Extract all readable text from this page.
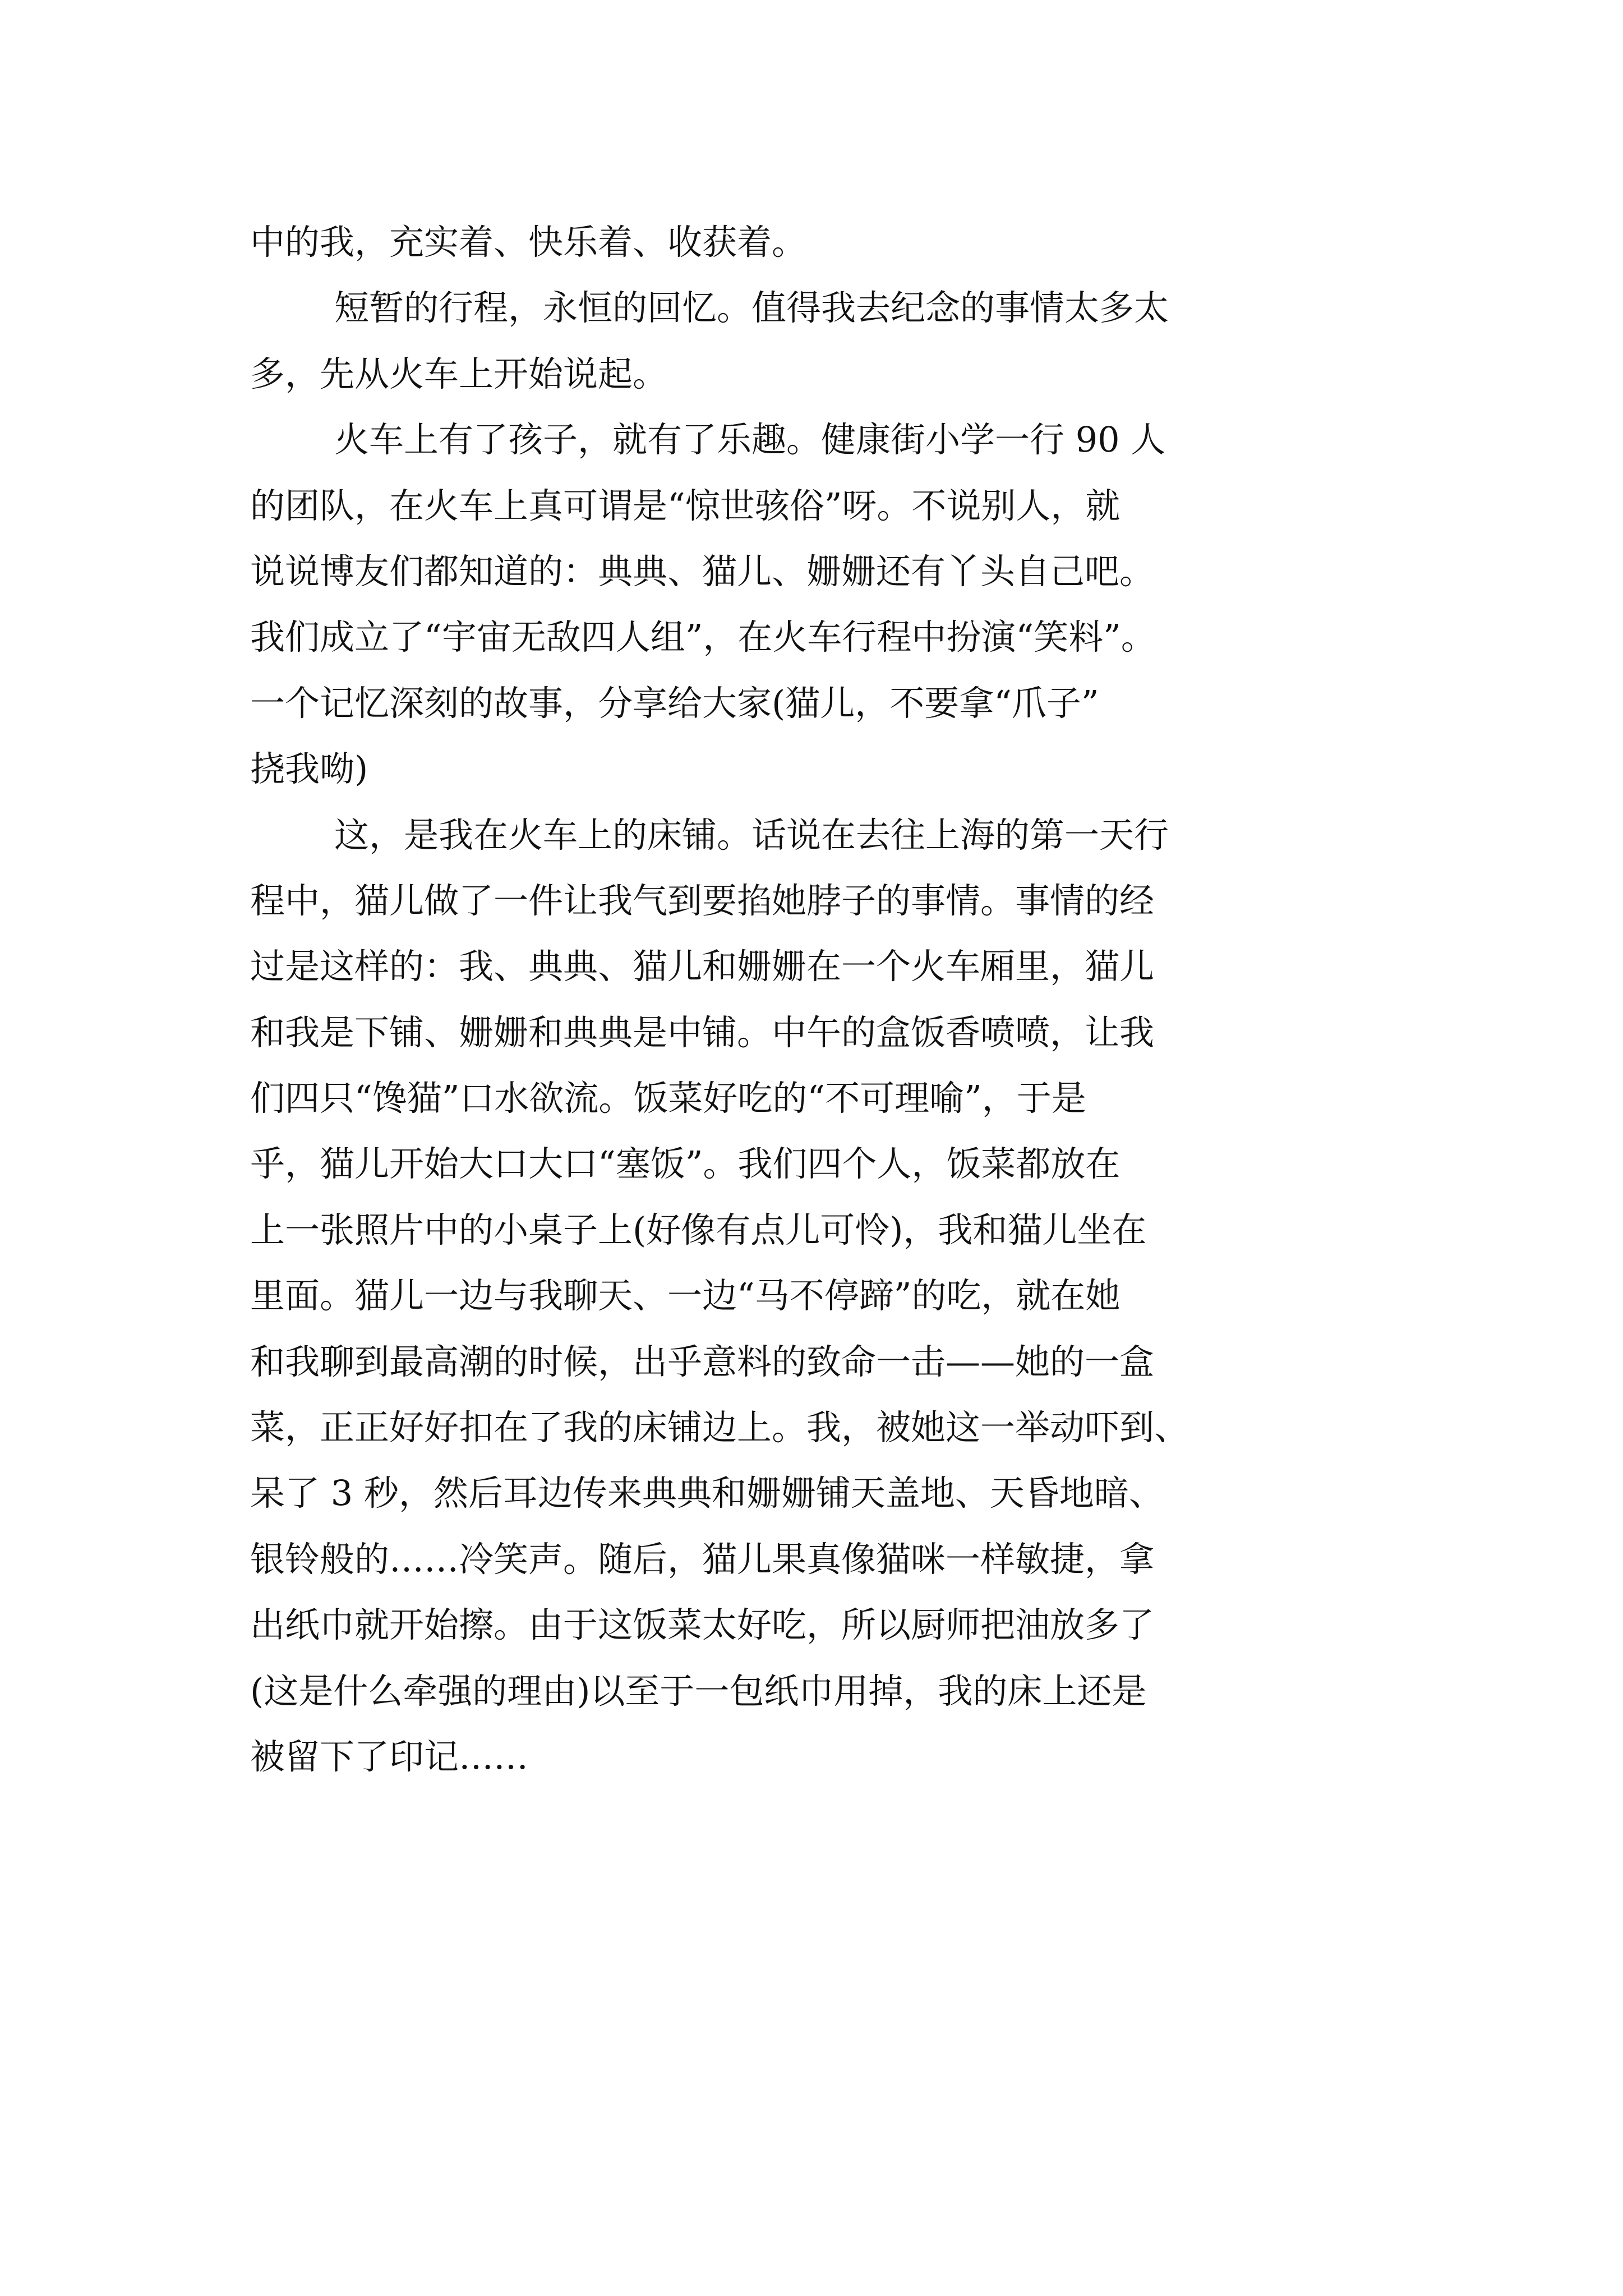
中的我，充实着、快乐着、收获着。
短暂的行程，永恒的回忆。值得我去纪念的事情太多太
多，先从火车上开始说起。
火车上有了孩子，就有了乐趣。健康街小学一行 90 人
的团队，在火车上真可谓是“惊世骇俗”呀。不说别人，就
说说博友们都知道的：典典、猫儿、姗姗还有丫头自己吧。
我们成立了“宇宙无敌四人组”，在火车行程中扮演“笑料”。
一个记忆深刻的故事，分享给大家(猫儿，不要拿“爪子”
挠我呦)
这，是我在火车上的床铺。话说在去往上海的第一天行
程中，猫儿做了一件让我气到要掐她脖子的事情。事情的经
过是这样的：我、典典、猫儿和姗姗在一个火车厢里，猫儿
和我是下铺、姗姗和典典是中铺。中午的盒饭香喷喷，让我
们四只“馋猫”口水欲流。饭菜好吃的“不可理喻”，于是
乎，猫儿开始大口大口“塞饭”。我们四个人，饭菜都放在
上一张照片中的小桌子上(好像有点儿可怜)，我和猫儿坐在
里面。猫儿一边与我聊天、一边“马不停蹄”的吃，就在她
和我聊到最高潮的时候，出乎意料的致命一击——她的一盒
菜，正正好好扣在了我的床铺边上。我，被她这一举动吓到、
呆了 3 秒，然后耳边传来典典和姗姗铺天盖地、天昏地暗、
银铃般的……冷笑声。随后，猫儿果真像猫咪一样敏捷，拿
出纸巾就开始擦。由于这饭菜太好吃，所以厨师把油放多了
(这是什么牵强的理由)以至于一包纸巾用掉，我的床上还是
被留下了印记……
